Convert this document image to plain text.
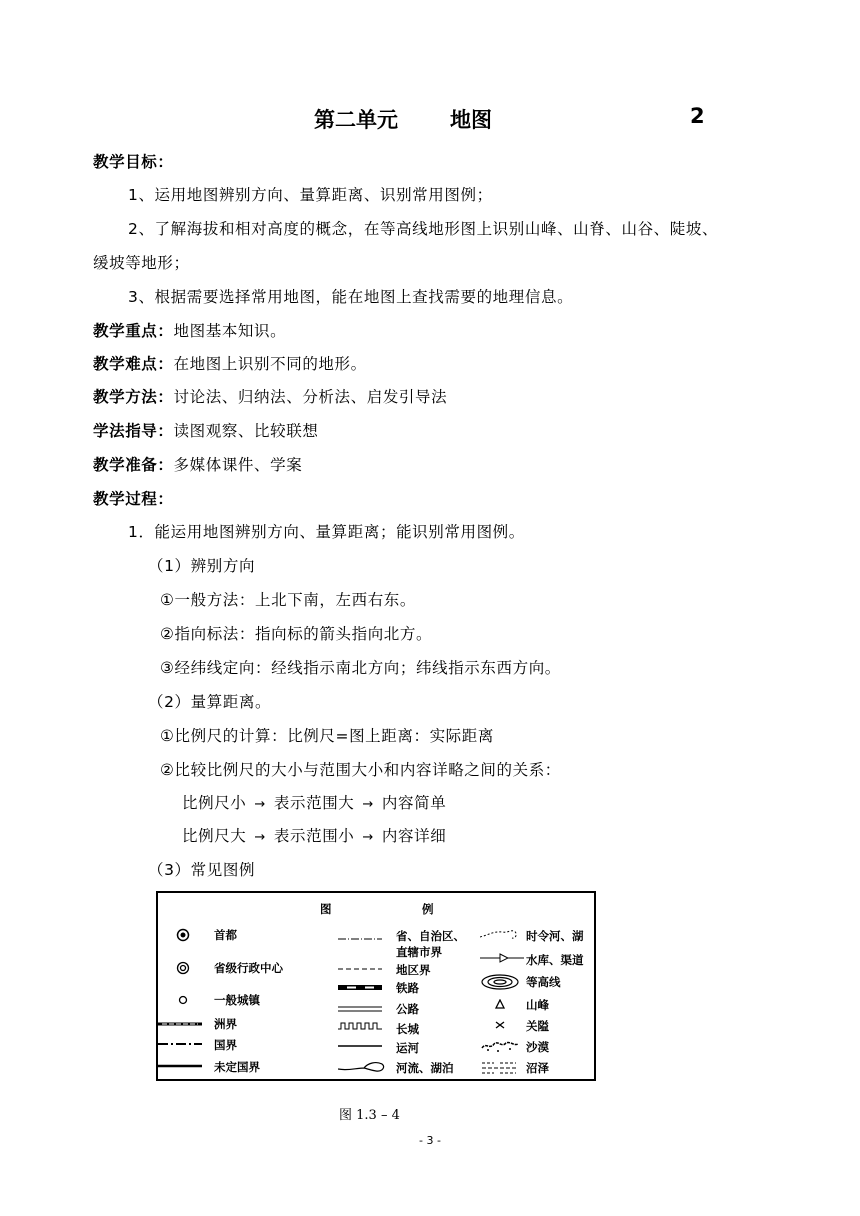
第二单元 地图	2
教学目标：
1、运用地图辨别方向、量算距离、识别常用图例；
2、了解海拔和相对高度的概念，在等高线地形图上识别山峰、山脊、山谷、陡坡、
缓坡等地形；
3、根据需要选择常用地图，能在地图上查找需要的地理信息。
教学重点：地图基本知识。
教学难点：在地图上识别不同的地形。
教学方法：讨论法、归纳法、分析法、启发引导法
学法指导：读图观察、比较联想
教学准备：多媒体课件、学案
教学过程：
1．能运用地图辨别方向、量算距离；能识别常用图例。
（1）辨别方向
①一般方法：上北下南，左西右东。
②指向标法：指向标的箭头指向北方。
③经纬线定向：经线指示南北方向；纬线指示东西方向。
（2）量算距离。
①比例尺的计算：比例尺=图上距离：实际距离
②比较比例尺的大小与范围大小和内容详略之间的关系：
比例尺小 → 表示范围大 → 内容简单
比例尺大 → 表示范围小 → 内容详细
（3）常见图例
图	例
首都
省级行政中心
一般城镇
洲界
国界
未定国界
省、自治区、
直辖市界
地区界
铁路
公路
长城
运河
河流、湖泊
时令河、湖
水库、渠道
等高线
山峰
关隘
沙漠
沼泽
图 1.3 – 4
- 3 -
